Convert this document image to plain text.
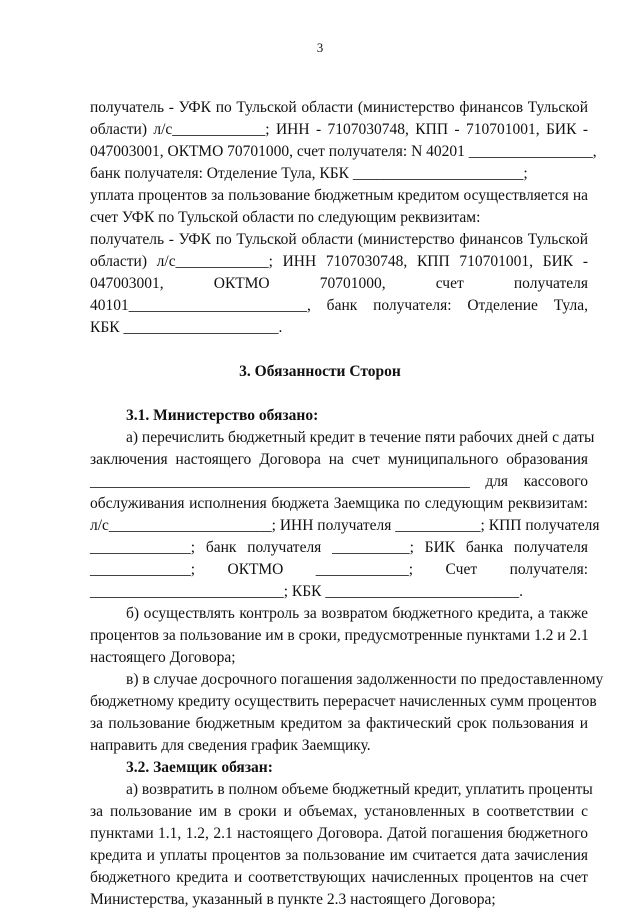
3
получатель - УФК по Тульской области (министерство финансов Тульской
области) л/с____________; ИНН - 7107030748, КПП - 710701001, БИК -
047003001, ОКТМО 70701000, счет получателя: N 40201 ________________,
банк получателя: Отделение Тула, КБК ______________________;
уплата процентов за пользование бюджетным кредитом осуществляется на
счет УФК по Тульской области по следующим реквизитам:
получатель - УФК по Тульской области (министерство финансов Тульской
области) л/с____________; ИНН 7107030748, КПП 710701001, БИК -
047003001, ОКТМО 70701000, счет получателя
40101_______________________, банк получателя: Отделение Тула,
КБК ____________________.
3. Обязанности Сторон
3.1. Министерство обязано:
а) перечислить бюджетный кредит в течение пяти рабочих дней с даты
заключения настоящего Договора на счет муниципального образования
_________________________________________________ для кассового
обслуживания исполнения бюджета Заемщика по следующим реквизитам:
л/с_____________________; ИНН получателя ___________; КПП получателя
_____________; банк получателя __________; БИК банка получателя
_____________; ОКТМО ____________; Счет получателя:
_________________________; КБК _________________________.
б) осуществлять контроль за возвратом бюджетного кредита, а также
процентов за пользование им в сроки, предусмотренные пунктами 1.2 и 2.1
настоящего Договора;
в) в случае досрочного погашения задолженности по предоставленному
бюджетному кредиту осуществить перерасчет начисленных сумм процентов
за пользование бюджетным кредитом за фактический срок пользования и
направить для сведения график Заемщику.
3.2. Заемщик обязан:
а) возвратить в полном объеме бюджетный кредит, уплатить проценты
за пользование им в сроки и объемах, установленных в соответствии с
пунктами 1.1, 1.2, 2.1 настоящего Договора. Датой погашения бюджетного
кредита и уплаты процентов за пользование им считается дата зачисления
бюджетного кредита и соответствующих начисленных процентов на счет
Министерства, указанный в пункте 2.3 настоящего Договора;
